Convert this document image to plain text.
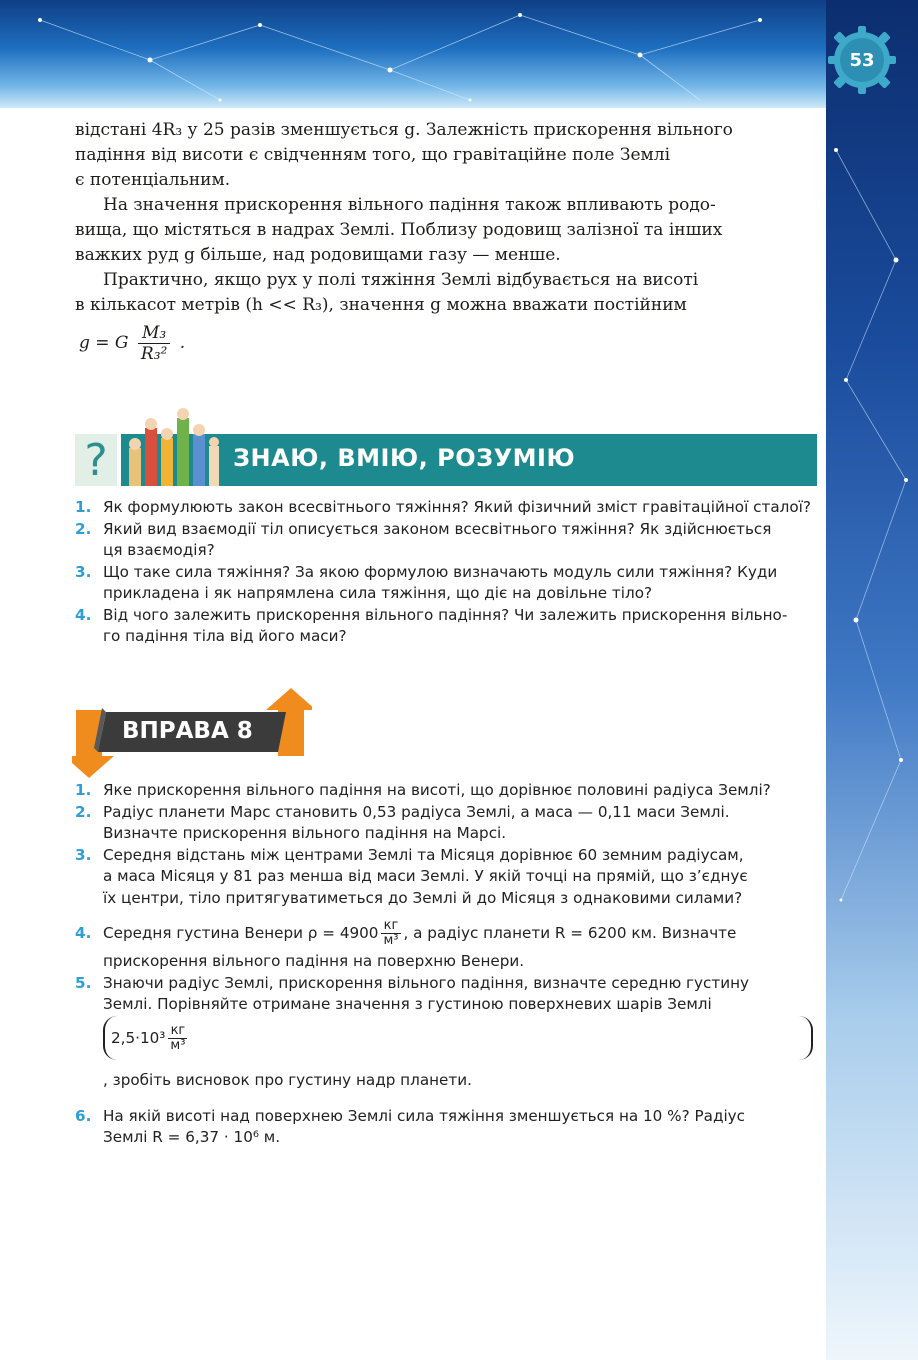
53
відстані 4R₃ у 25 разів зменшується g. Залежність прискорення вільного
падіння від висоти є свідченням того, що гравітаційне поле Землі
є потенціальним.
На значення прискорення вільного падіння також впливають родо-
вища, що містяться в надрах Землі. Поблизу родовищ залізної та інших
важких руд g більше, над родовищами газу — менше.
Практично, якщо рух у полі тяжіння Землі відбувається на висоті
в кількасот метрів (h << R₃), значення g можна вважати постійним
g = G $\frac{\text{M₃}}{\text{R₃²}}$ .
?	ЗНАЮ, ВМІЮ, РОЗУМІЮ
1. Як формулюють закон всесвітнього тяжіння? Який фізичний зміст гравітаційної сталої?
2. Який вид взаємодії тіл описується законом всесвітнього тяжіння? Як здійснюється
ця взаємодія?
3. Що таке сила тяжіння? За якою формулою визначають модуль сили тяжіння? Куди
прикладена і як напрямлена сила тяжіння, що діє на довільне тіло?
4. Від чого залежить прискорення вільного падіння? Чи залежить прискорення вільно-
го падіння тіла від його маси?
ВПРАВА 8
1. Яке прискорення вільного падіння на висоті, що дорівнює половині радіуса Землі?
2. Радіус планети Марс становить 0,53 радіуса Землі, а маса — 0,11 маси Землі.
Визначте прискорення вільного падіння на Марсі.
3. Середня відстань між центрами Землі та Місяця дорівнює 60 земним радіусам,
а маса Місяця у 81 раз менша від маси Землі. У якій точці на прямій, що з’єднує
їх центри, тіло притягуватиметься до Землі й до Місяця з однаковими силами?
4. Середня густина Венери $\rho = 4900 \frac{кг}{\text{м³}}$ , а радіус планети R = 6200 км. Визначте
прискорення вільного падіння на поверхню Венери.
5. Знаючи радіус Землі, прискорення вільного падіння, визначте середню густину
Землі. Порівняйте отримане значення з густиною поверхневих шарів Землі
$2,5\cdot 10^3 \frac{кг}{\text{м³}}$
, зробіть висновок про густину надр планети.
6. На якій висоті над поверхнею Землі сила тяжіння зменшується на 10 %? Радіус
Землі R = 6,37 · 10⁶ м.
